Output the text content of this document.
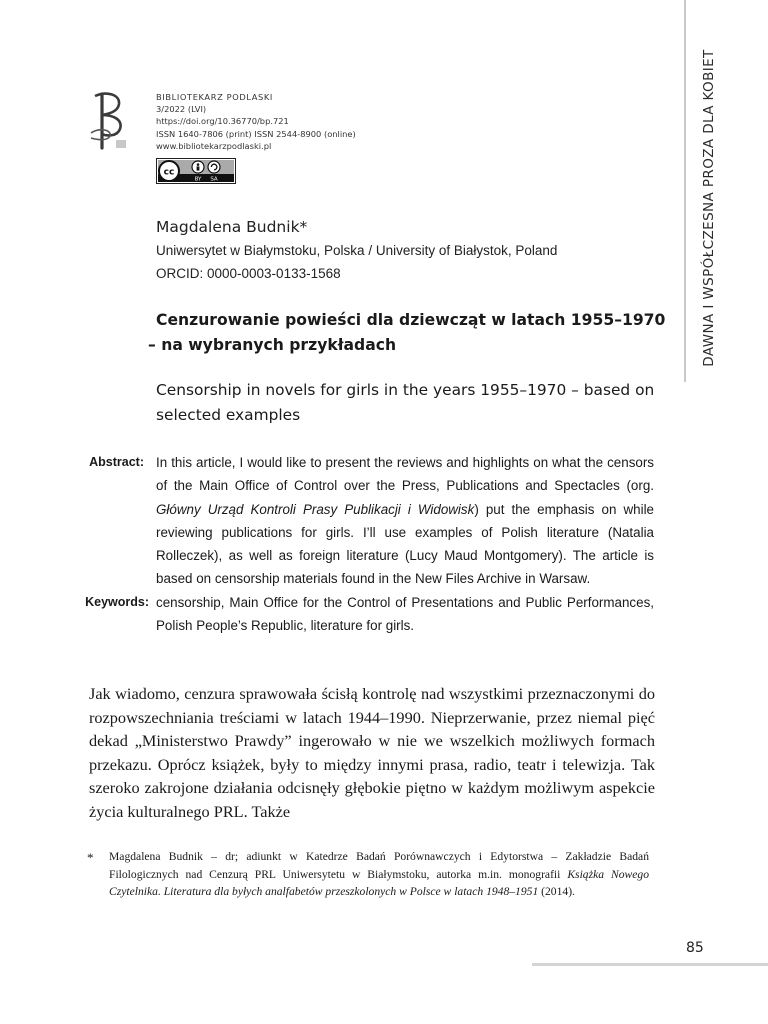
DAWNA I WSPÓŁCZESNA PROZA DLA KOBIET
BIBLIOTEKARZ PODLASKI
3/2022 (LVI)
https://doi.org/10.36770/bp.721
ISSN 1640-7806 (print) ISSN 2544-8900 (online)
www.bibliotekarzpodlaski.pl
cc
BY SA
Magdalena Budnik*
Uniwersytet w Białymstoku, Polska / University of Białystok, Poland
ORCID: 0000-0003-0133-1568
Cenzurowanie powieści dla dziewcząt w latach 1955–1970
– na wybranych przykładach
Censorship in novels for girls in the years 1955–1970 – based on selected examples
Abstract: In this article, I would like to present the reviews and highlights on what the censors of the Main Office of Control over the Press, Publications and Spectacles (org. Główny Urząd Kontroli Prasy Publikacji i Widowisk) put the emphasis on while reviewing publications for girls. I’ll use examples of Polish literature (Natalia Rolleczek), as well as foreign literature (Lucy Maud Montgomery). The article is based on censorship materials found in the New Files Archive in Warsaw.
Keywords: censorship, Main Office for the Control of Presentations and Public Performances, Polish People’s Republic, literature for girls.
Jak wiadomo, cenzura sprawowała ścisłą kontrolę nad wszystkimi przeznaczonymi do rozpowszechniania treściami w latach 1944–1990. Nieprzerwanie, przez niemal pięć dekad „Ministerstwo Prawdy” ingerowało w nie we wszelkich możliwych formach przekazu. Oprócz książek, były to między innymi prasa, radio, teatr i telewizja. Tak szeroko zakrojone działania odcisnęły głębokie piętno w każdym możliwym aspekcie życia kulturalnego PRL. Także
* Magdalena Budnik – dr; adiunkt w Katedrze Badań Porównawczych i Edytorstwa – Zakładzie Badań Filologicznych nad Cenzurą PRL Uniwersytetu w Białymstoku, autorka m.in. monografii Książka Nowego Czytelnika. Literatura dla byłych analfabetów przeszkolonych w Polsce w latach 1948–1951 (2014).
85
